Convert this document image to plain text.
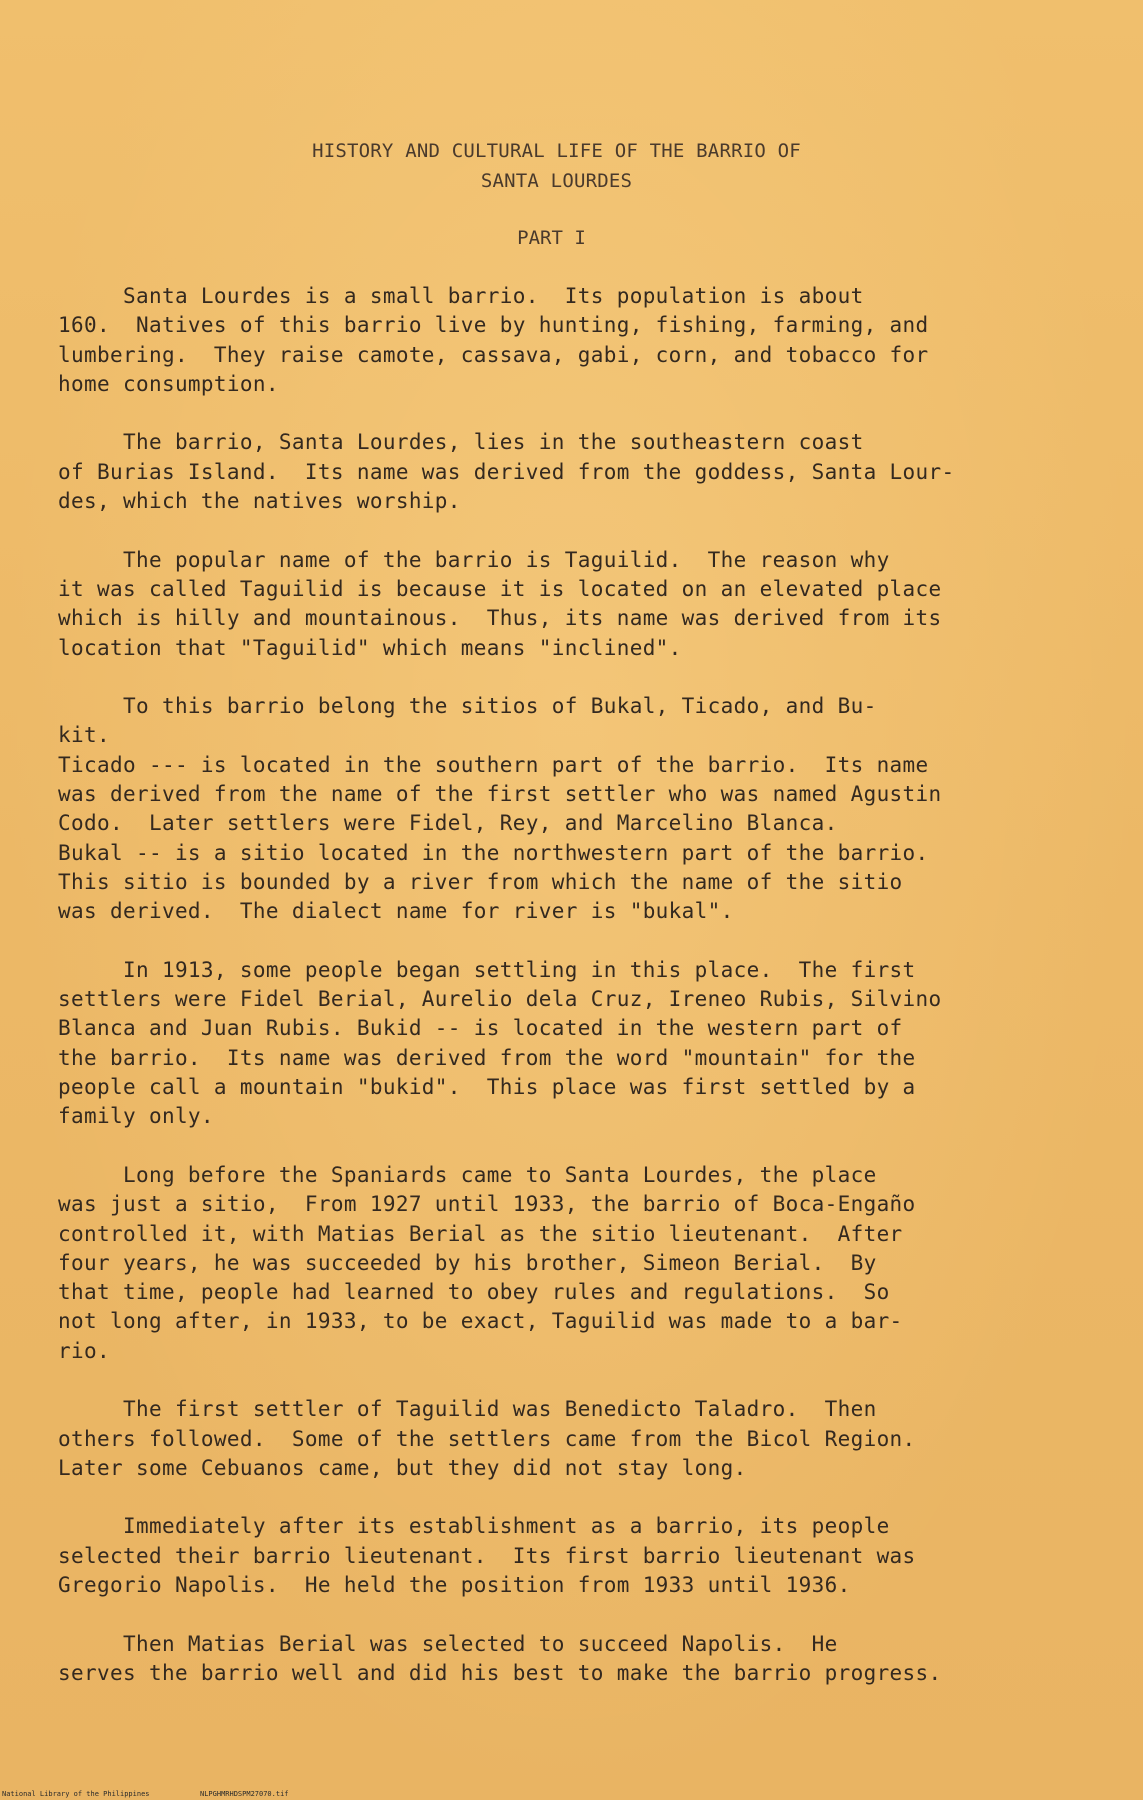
HISTORY AND CULTURAL LIFE OF THE BARRIO OF
SANTA LOURDES
PART I
Santa Lourdes is a small barrio.  Its population is about
160.  Natives of this barrio live by hunting, fishing, farming, and
lumbering.  They raise camote, cassava, gabi, corn, and tobacco for
home consumption.
The barrio, Santa Lourdes, lies in the southeastern coast
of Burias Island.  Its name was derived from the goddess, Santa Lour-
des, which the natives worship.
The popular name of the barrio is Taguilid.  The reason why
it was called Taguilid is because it is located on an elevated place
which is hilly and mountainous.  Thus, its name was derived from its
location that "Taguilid" which means "inclined".
To this barrio belong the sitios of Bukal, Ticado, and Bu-
kit.
Ticado --- is located in the southern part of the barrio.  Its name
was derived from the name of the first settler who was named Agustin
Codo.  Later settlers were Fidel, Rey, and Marcelino Blanca.
Bukal -- is a sitio located in the northwestern part of the barrio.
This sitio is bounded by a river from which the name of the sitio
was derived.  The dialect name for river is "bukal".
In 1913, some people began settling in this place.  The first
settlers were Fidel Berial, Aurelio dela Cruz, Ireneo Rubis, Silvino
Blanca and Juan Rubis. Bukid -- is located in the western part of
the barrio.  Its name was derived from the word "mountain" for the
people call a mountain "bukid".  This place was first settled by a
family only.
Long before the Spaniards came to Santa Lourdes, the place
was just a sitio,  From 1927 until 1933, the barrio of Boca-Engaño
controlled it, with Matias Berial as the sitio lieutenant.  After
four years, he was succeeded by his brother, Simeon Berial.  By
that time, people had learned to obey rules and regulations.  So
not long after, in 1933, to be exact, Taguilid was made to a bar-
rio.
The first settler of Taguilid was Benedicto Taladro.  Then
others followed.  Some of the settlers came from the Bicol Region.
Later some Cebuanos came, but they did not stay long.
Immediately after its establishment as a barrio, its people
selected their barrio lieutenant.  Its first barrio lieutenant was
Gregorio Napolis.  He held the position from 1933 until 1936.
Then Matias Berial was selected to succeed Napolis.  He
serves the barrio well and did his best to make the barrio progress.
National Library of the Philippines	NLPGHMRHDSPM27070.tif
